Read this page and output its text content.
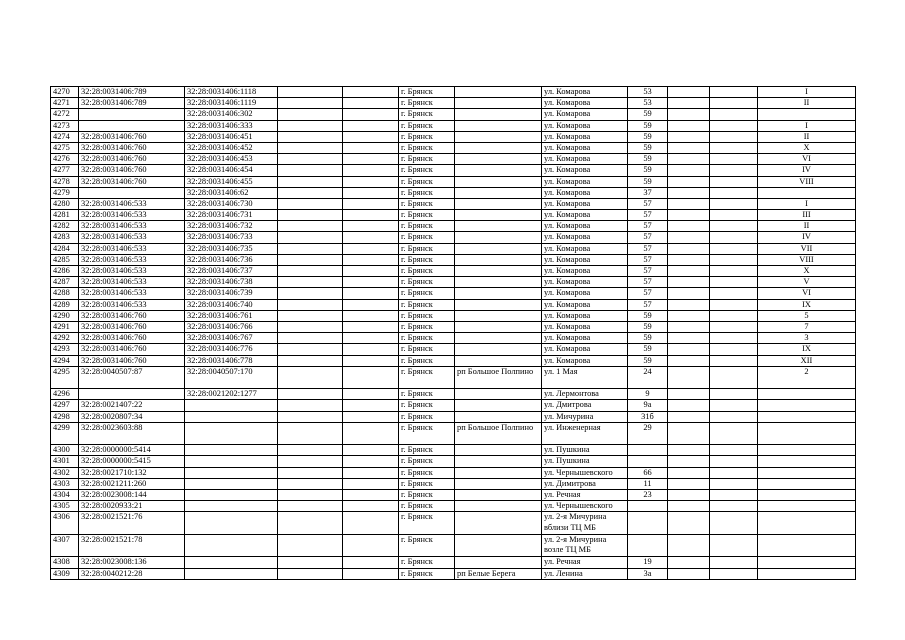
4270	32:28:0031406:789	32:28:0031406:1118			г. Брянск		ул. Комарова	53			I
4271	32:28:0031406:789	32:28:0031406:1119			г. Брянск		ул. Комарова	53			II
4272		32:28:0031406:302			г. Брянск		ул. Комарова	59			
4273		32:28:0031406:333			г. Брянск		ул. Комарова	59			I
4274	32:28:0031406:760	32:28:0031406:451			г. Брянск		ул. Комарова	59			II
4275	32:28:0031406:760	32:28:0031406:452			г. Брянск		ул. Комарова	59			X
4276	32:28:0031406:760	32:28:0031406:453			г. Брянск		ул. Комарова	59			VI
4277	32:28:0031406:760	32:28:0031406:454			г. Брянск		ул. Комарова	59			IV
4278	32:28:0031406:760	32:28:0031406:455			г. Брянск		ул. Комарова	59			VIII
4279		32:28:0031406:62			г. Брянск		ул. Комарова	37			
4280	32:28:0031406:533	32:28:0031406:730			г. Брянск		ул. Комарова	57			I
4281	32:28:0031406:533	32:28:0031406:731			г. Брянск		ул. Комарова	57			III
4282	32:28:0031406:533	32:28:0031406:732			г. Брянск		ул. Комарова	57			II
4283	32:28:0031406:533	32:28:0031406:733			г. Брянск		ул. Комарова	57			IV
4284	32:28:0031406:533	32:28:0031406:735			г. Брянск		ул. Комарова	57			VII
4285	32:28:0031406:533	32:28:0031406:736			г. Брянск		ул. Комарова	57			VIII
4286	32:28:0031406:533	32:28:0031406:737			г. Брянск		ул. Комарова	57			X
4287	32:28:0031406:533	32:28:0031406:738			г. Брянск		ул. Комарова	57			V
4288	32:28:0031406:533	32:28:0031406:739			г. Брянск		ул. Комарова	57			VI
4289	32:28:0031406:533	32:28:0031406:740			г. Брянск		ул. Комарова	57			IX
4290	32:28:0031406:760	32:28:0031406:761			г. Брянск		ул. Комарова	59			5
4291	32:28:0031406:760	32:28:0031406:766			г. Брянск		ул. Комарова	59			7
4292	32:28:0031406:760	32:28:0031406:767			г. Брянск		ул. Комарова	59			3
4293	32:28:0031406:760	32:28:0031406:776			г. Брянск		ул. Комарова	59			IX
4294	32:28:0031406:760	32:28:0031406:778			г. Брянск		ул. Комарова	59			XII
4295	32:28:0040507:87	32:28:0040507:170			г. Брянск	рп Большое Полпино	ул. 1 Мая	24			2
4296		32:28:0021202:1277			г. Брянск		ул. Лермонтова	9			
4297	32:28:0021407:22				г. Брянск		ул. Дмитрова	9а			
4298	32:28:0020807:34				г. Брянск		ул. Мичурина	31б			
4299	32:28:0023603:88				г. Брянск	рп Большое Полпино	ул. Инженерная	29			
4300	32:28:0000000:5414				г. Брянск		ул. Пушкина				
4301	32:28:0000000:5415				г. Брянск		ул. Пушкина				
4302	32:28:0021710:132				г. Брянск		ул. Чернышевского	66			
4303	32:28:0021211:260				г. Брянск		ул. Димитрова	11			
4304	32:28:0023008:144				г. Брянск		ул. Речная	23			
4305	32:28:0020933:21				г. Брянск		ул. Чернышевского				
4306	32:28:0021521:76				г. Брянск		ул. 2-я Мичурина вблизи ТЦ МБ				
4307	32:28:0021521:78				г. Брянск		ул. 2-я Мичурина возле ТЦ МБ				
4308	32:28:0023008:136				г. Брянск		ул. Речная	19			
4309	32:28:0040212:28				г. Брянск	рп Белые Берега	ул. Ленина	3а			
